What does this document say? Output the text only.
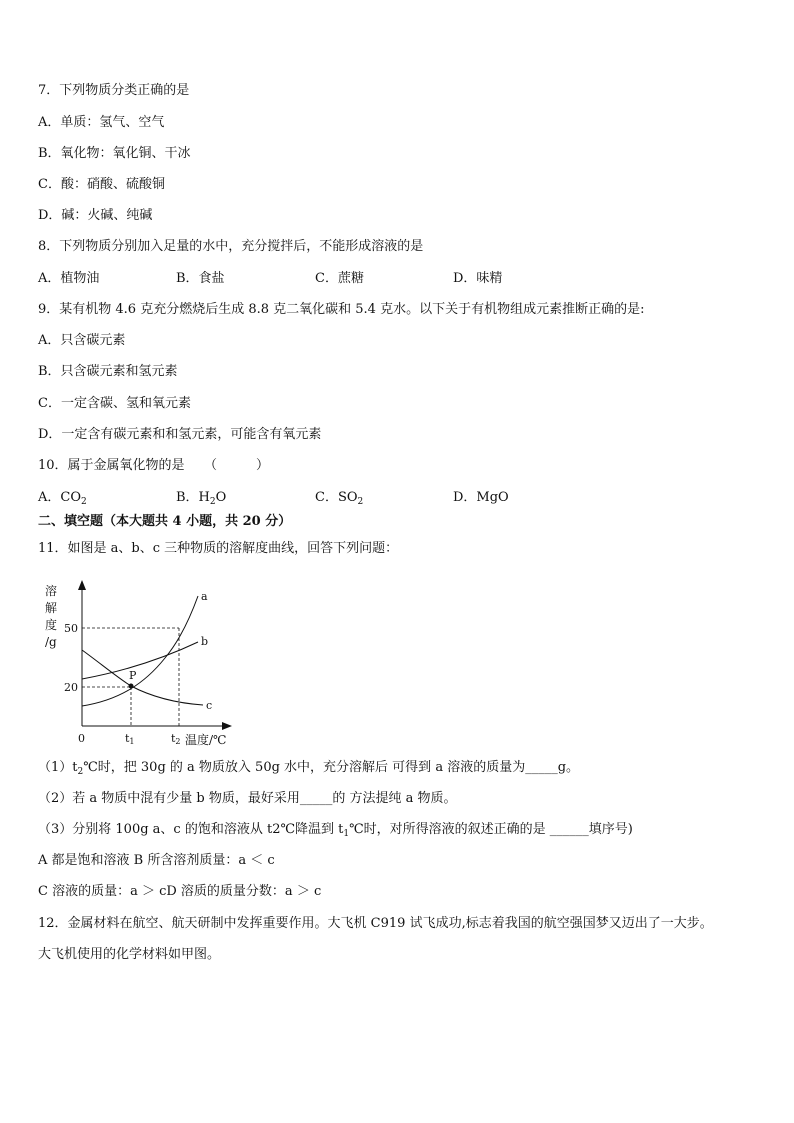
7．下列物质分类正确的是
A．单质：氢气、空气
B．氧化物：氧化铜、干冰
C．酸：硝酸、硫酸铜
D．碱：火碱、纯碱
8．下列物质分别加入足量的水中，充分搅拌后，不能形成溶液的是
A．植物油	B．食盐	C．蔗糖	D．味精
9．某有机物 4.6 克充分燃烧后生成 8.8 克二氧化碳和 5.4 克水。以下关于有机物组成元素推断正确的是:
A．只含碳元素
B．只含碳元素和氢元素
C．一定含碳、氢和氧元素
D．一定含有碳元素和和氢元素，可能含有氧元素
10．属于金属氧化物的是　　（　　　）
A．$CO_2$	B．$H_2O$	C．$SO_2$	D．MgO
二、填空题（本大题共 4 小题，共 20 分）
11．如图是 a、b、c 三种物质的溶解度曲线，回答下列问题：
溶
解
度
/g
P
a
b
c
50
20
0	t1	t2 温度/℃
$(1)t_2℃$时，把 30g 的 a 物质放入 50g 水中，充分溶解后 可得到 a 溶液的质量为_____g。
（2）若 a 物质中混有少量 b 物质，最好采用_____的 方法提纯 a 物质。
（3）分别将 100g a、c 的饱和溶液从 t2℃降温到 $t_1℃$时，对所得溶液的叙述正确的是 ______填序号)
A 都是饱和溶液 B 所含溶剂质量：a ＜ c
C 溶液的质量：a ＞ cD 溶质的质量分数：a ＞ c
12．金属材料在航空、航天研制中发挥重要作用。大飞机 C919 试飞成功,标志着我国的航空强国梦又迈出了一大步。
大飞机使用的化学材料如甲图。
